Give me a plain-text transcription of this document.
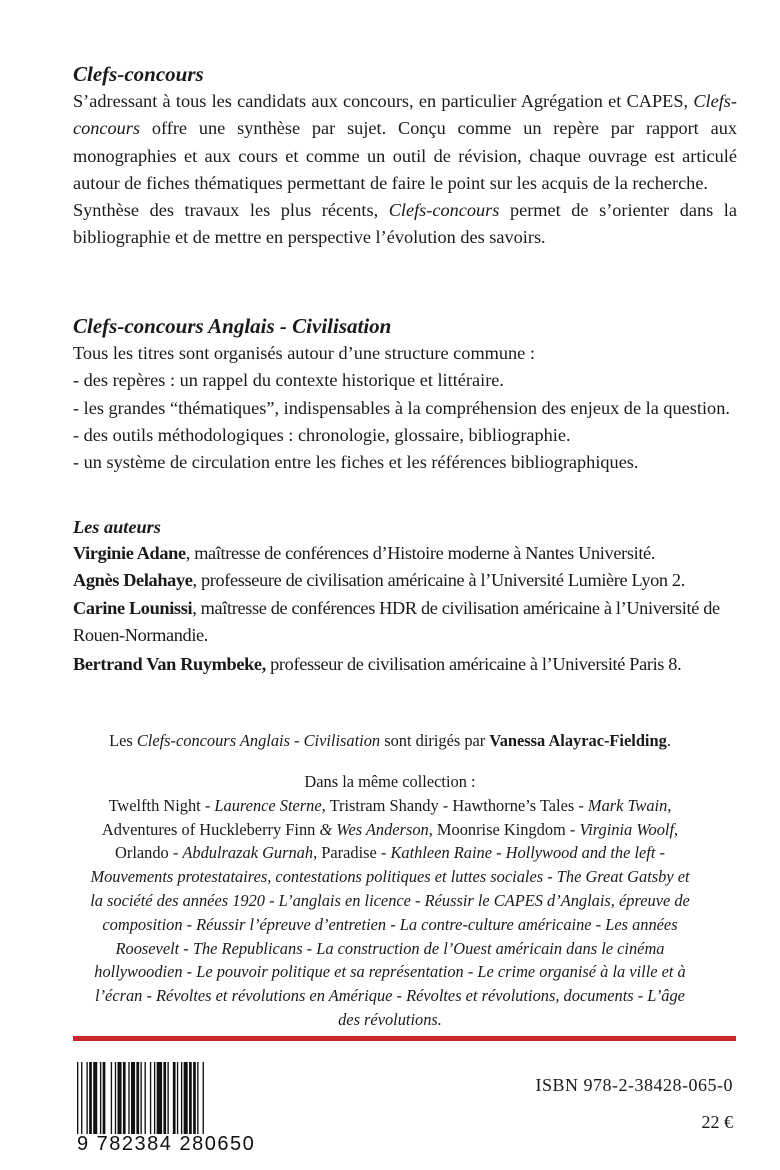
Clefs-concours

S’adressant à tous les candidats aux concours, en particulier Agrégation et CAPES, Clefs-concours offre une synthèse par sujet. Conçu comme un repère par rapport aux monographies et aux cours et comme un outil de révision, chaque ouvrage est articulé autour de fiches thématiques permettant de faire le point sur les acquis de la recherche.

Synthèse des travaux les plus récents, Clefs-concours permet de s’orienter dans la bibliographie et de mettre en perspective l’évolution des savoirs.

Clefs-concours Anglais - Civilisation

Tous les titres sont organisés autour d’une structure commune :

- des repères : un rappel du contexte historique et littéraire.

- les grandes “thématiques”, indispensables à la compréhension des enjeux de la question.

- des outils méthodologiques : chronologie, glossaire, bibliographie.

- un système de circulation entre les fiches et les références bibliographiques.

Les auteurs

Virginie Adane, maîtresse de conférences d’Histoire moderne à Nantes Université.

Agnès Delahaye, professeure de civilisation américaine à l’Université Lumière Lyon 2.

Carine Lounissi, maîtresse de conférences HDR de civilisation américaine à l’Université de Rouen-Normandie.

Bertrand Van Ruymbeke, professeur de civilisation américaine à l’Université Paris 8.

Les Clefs-concours Anglais - Civilisation sont dirigés par Vanessa Alayrac-Fielding.
Dans la même collection :
Twelfth Night - Laurence Sterne, Tristram Shandy - Hawthorne’s Tales - Mark Twain, Adventures of Huckleberry Finn & Wes Anderson, Moonrise Kingdom - Virginia Woolf, Orlando - Abdulrazak Gurnah, Paradise - Kathleen Raine - Hollywood and the left - Mouvements protestataires, contestations politiques et luttes sociales - The Great Gatsby et la société des années 1920 - L’anglais en licence - Réussir le CAPES d’Anglais, épreuve de composition - Réussir l’épreuve d’entretien - La contre-culture américaine - Les années Roosevelt - The Republicans - La construction de l’Ouest américain dans le cinéma hollywoodien - Le pouvoir politique et sa représentation - Le crime organisé à la ville et à l’écran - Révoltes et révolutions en Amérique - Révoltes et révolutions, documents - L’âge des révolutions.
9 782384 280650
ISBN 978-2-38428-065-0
22 €
